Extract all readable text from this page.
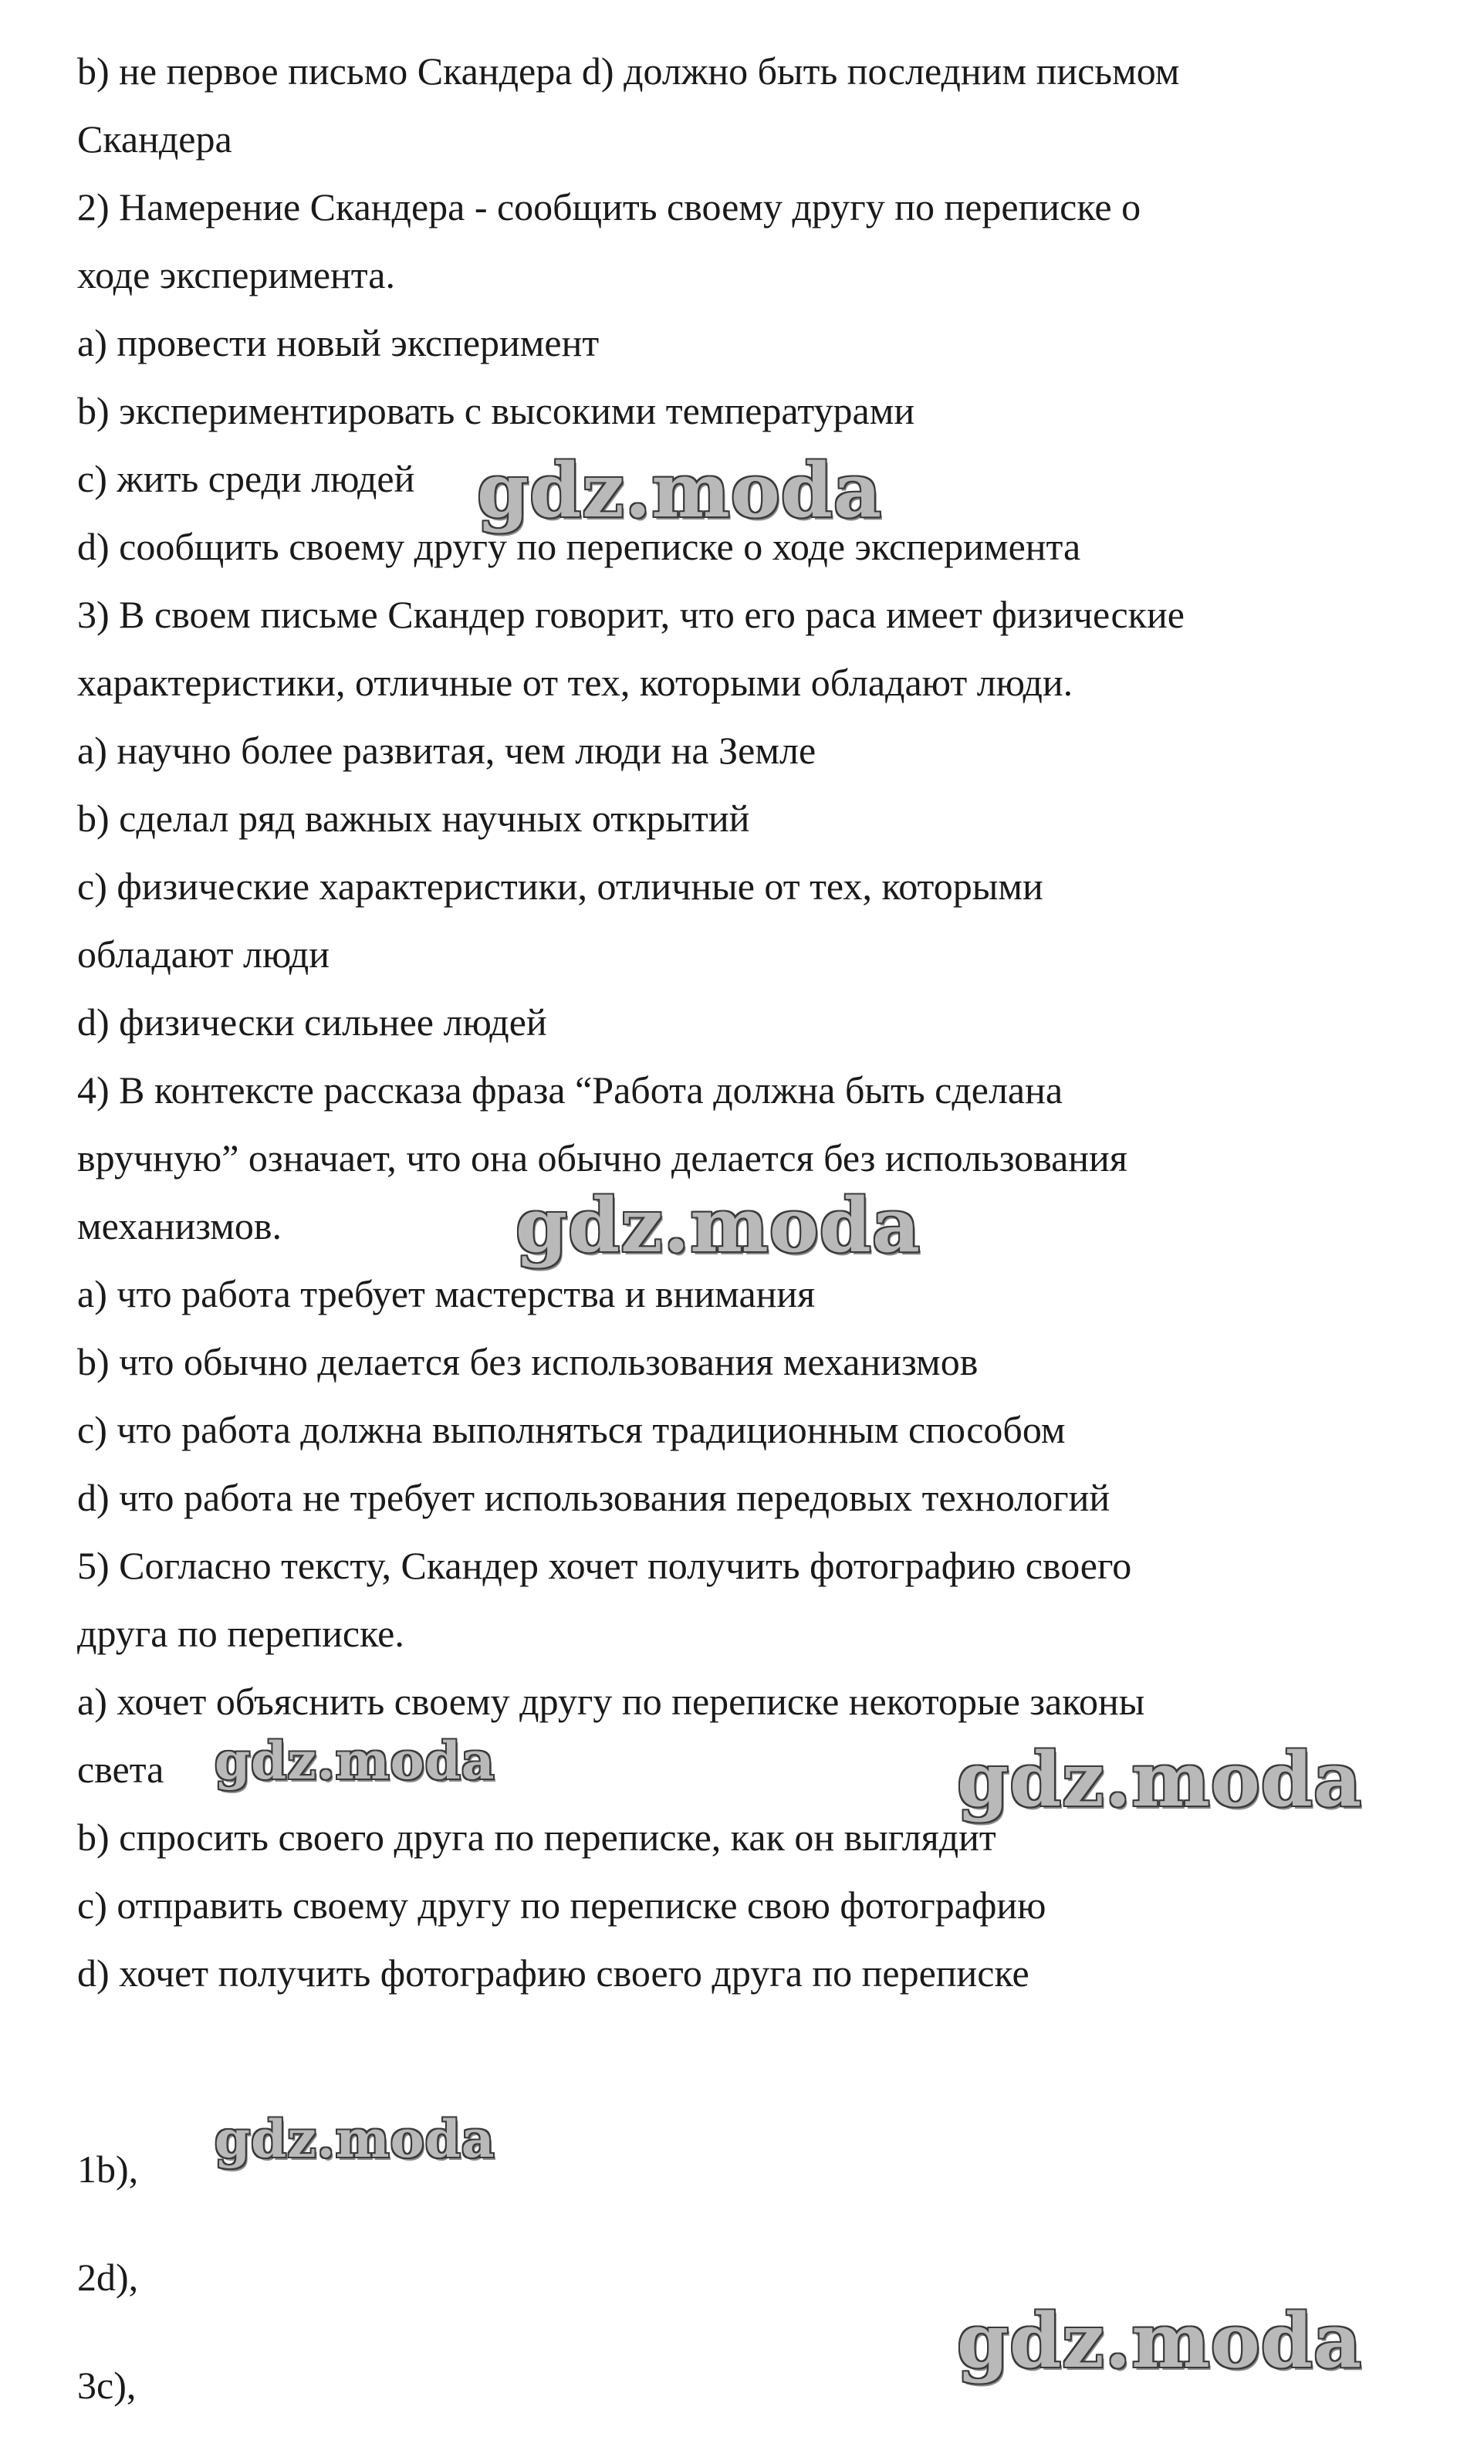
b) не первое письмо Скандера d) должно быть последним письмом
Скандера
2) Намерение Скандера - сообщить своему другу по переписке о
ходе эксперимента.
a) провести новый эксперимент
b) экспериментировать с высокими температурами
c) жить среди людей
d) сообщить своему другу по переписке о ходе эксперимента
3) В своем письме Скандер говорит, что его раса имеет физические
характеристики, отличные от тех, которыми обладают люди.
a) научно более развитая, чем люди на Земле
b) сделал ряд важных научных открытий
c) физические характеристики, отличные от тех, которыми
обладают люди
d) физически сильнее людей
4) В контексте рассказа фраза “Работа должна быть сделана
вручную” означает, что она обычно делается без использования
механизмов.
a) что работа требует мастерства и внимания
b) что обычно делается без использования механизмов
c) что работа должна выполняться традиционным способом
d) что работа не требует использования передовых технологий
5) Согласно тексту, Скандер хочет получить фотографию своего
друга по переписке.
a) хочет объяснить своему другу по переписке некоторые законы
света
b) спросить своего друга по переписке, как он выглядит
c) отправить своему другу по переписке свою фотографию
d) хочет получить фотографию своего друга по переписке
1b),
2d),
3c),
gdz.moda
gdz.moda
gdz.moda	gdz.moda
gdz.moda
gdz.moda
